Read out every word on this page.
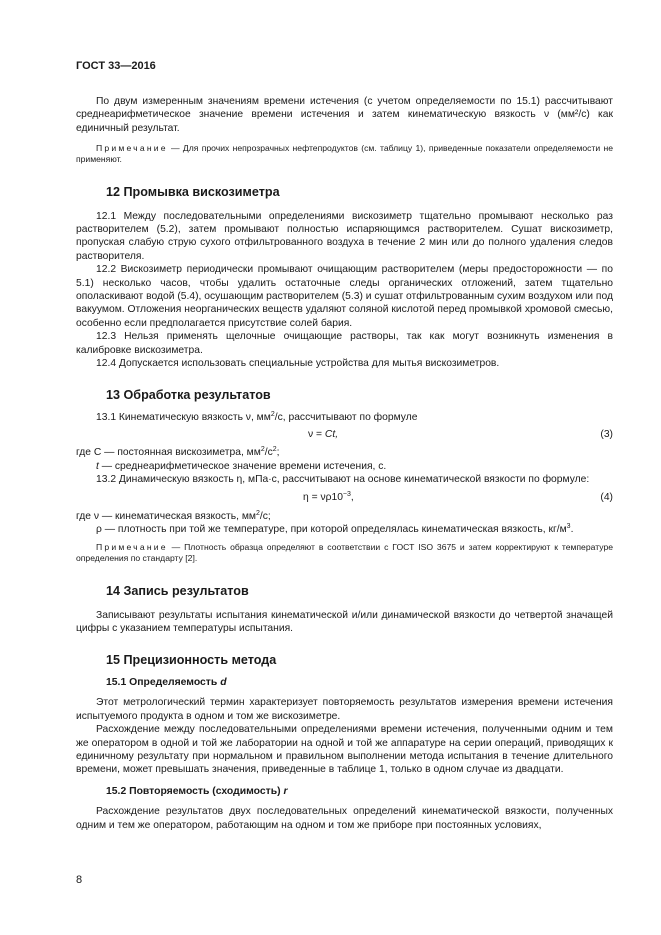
ГОСТ 33—2016

По двум измеренным значениям времени истечения (с учетом определяемости по 15.1) рассчитывают среднеарифметическое значение времени истечения и затем кинематическую вязкость ν (мм²/с) как единичный результат.

Примечание — Для прочих непрозрачных нефтепродуктов (см. таблицу 1), приведенные показатели определяемости не применяют.

12 Промывка вискозиметра

12.1 Между последовательными определениями вискозиметр тщательно промывают несколько раз растворителем (5.2), затем промывают полностью испаряющимся растворителем. Сушат вискозиметр, пропуская слабую струю сухого отфильтрованного воздуха в течение 2 мин или до полного удаления следов растворителя.

12.2 Вискозиметр периодически промывают очищающим растворителем (меры предосторожности — по 5.1) несколько часов, чтобы удалить остаточные следы органических отложений, затем тщательно ополаскивают водой (5.4), осушающим растворителем (5.3) и сушат отфильтрованным сухим воздухом или под вакуумом. Отложения неорганических веществ удаляют соляной кислотой перед промывкой хромовой смесью, особенно если предполагается присутствие солей бария.

12.3 Нельзя применять щелочные очищающие растворы, так как могут возникнуть изменения в калибровке вискозиметра.

12.4 Допускается использовать специальные устройства для мытья вискозиметров.

13 Обработка результатов

13.1 Кинематическую вязкость ν, $мм^2/с$, рассчитывают по формуле

ν = Ct,	(3)

где С — постоянная вискозиметра, $мм^2/с^2$;

t — среднеарифметическое значение времени истечения, с.

13.2 Динамическую вязкость η, мПа·с, рассчитывают на основе кинематической вязкости по формуле:

$\eta = \nu\rho 10^{-3}$,	(4)

где ν — кинематическая вязкость, $мм^2/с$;

ρ — плотность при той же температуре, при которой определялась кинематическая вязкость, $кг/м^3$.

Примечание — Плотность образца определяют в соответствии с ГОСТ ISO 3675 и затем корректируют к температуре определения по стандарту [2].

14 Запись результатов

Записывают результаты испытания кинематической и/или динамической вязкости до четвертой значащей цифры с указанием температуры испытания.

15 Прецизионность метода
15.1 Определяемость d

Этот метрологический термин характеризует повторяемость результатов измерения времени истечения испытуемого продукта в одном и том же вискозиметре.

Расхождение между последовательными определениями времени истечения, полученными одним и тем же оператором в одной и той же лаборатории на одной и той же аппаратуре на серии операций, приводящих к единичному результату при нормальном и правильном выполнении метода испытания в течение длительного времени, может превышать значения, приведенные в таблице 1, только в одном случае из двадцати.

15.2 Повторяемость (сходимость) r

Расхождение результатов двух последовательных определений кинематической вязкости, полученных одним и тем же оператором, работающим на одном и том же приборе при постоянных условиях,

8
